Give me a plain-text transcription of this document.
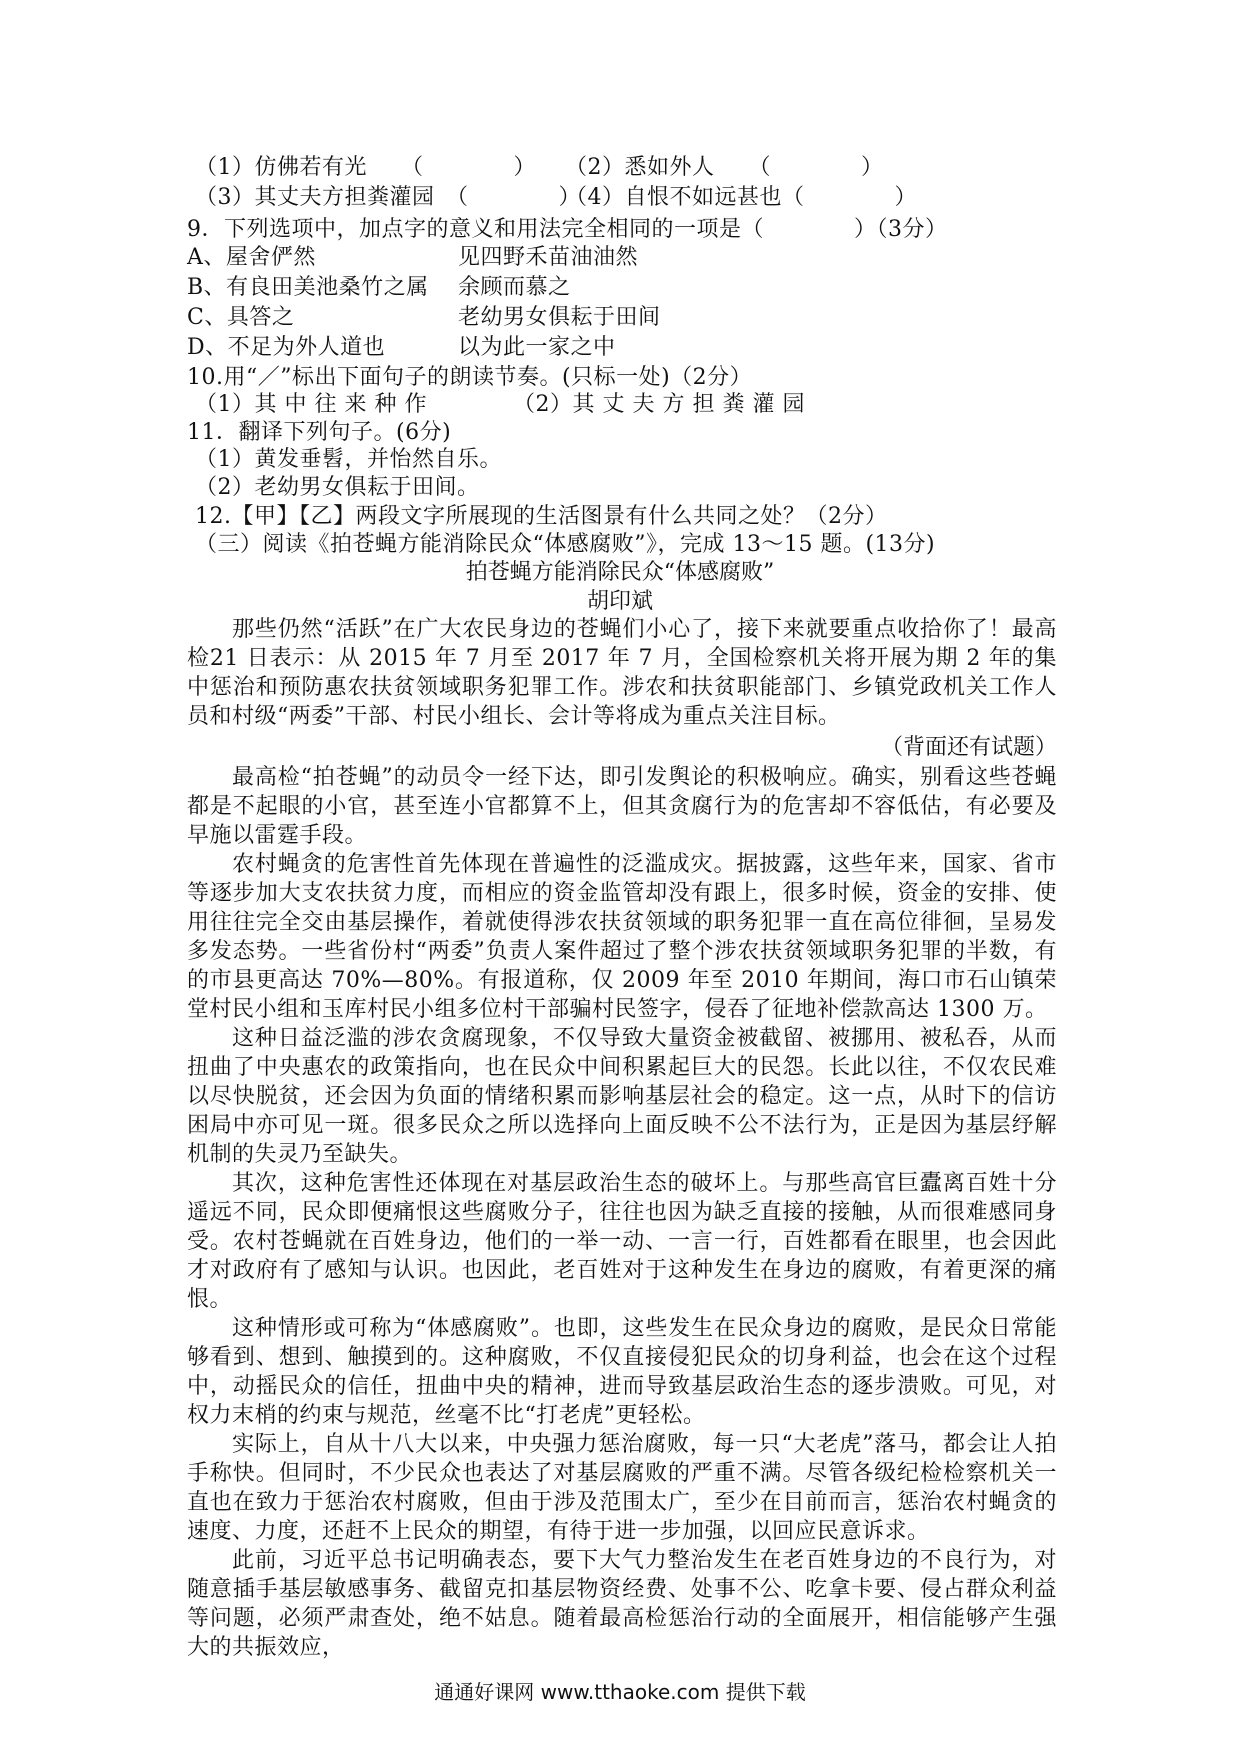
（1）仿佛若有光　　（　　　　） （2）悉如外人　　（　　　　）
（3）其丈夫方担粪灌园　（　　　　）
（4）自恨不如远甚也（　　　　）
9．下列选项中，加点字的意义和用法完全相同的一项是（　　　　）（3分）
A、屋舍俨然	见四野禾苗油油然
B、有良田美池桑竹之属 余顾而慕之
C、具答之	老幼男女俱耘于田间
D、不足为外人道也	以为此一家之中
10.用“／”标出下面句子的朗读节奏。(只标一处)（2分）
（1）其 中 往 来 种 作	（2）其 丈 夫 方 担 粪 灌 园
11．翻译下列句子。(6分)
（1）黄发垂髫，并怡然自乐。
（2）老幼男女俱耘于田间。
12.【甲】【乙】两段文字所展现的生活图景有什么共同之处？（2分）
（三）阅读《拍苍蝇方能消除民众“体感腐败”》，完成 13～15 题。(13分)
拍苍蝇方能消除民众“体感腐败”
胡印斌
那些仍然“活跃”在广大农民身边的苍蝇们小心了，接下来就要重点收拾你了！最高检21 日表示：从 2015 年 7 月至 2017 年 7 月，全国检察机关将开展为期 2 年的集中惩治和预防惠农扶贫领域职务犯罪工作。涉农和扶贫职能部门、乡镇党政机关工作人员和村级“两委”干部、村民小组长、会计等将成为重点关注目标。
（背面还有试题）
最高检“拍苍蝇”的动员令一经下达，即引发舆论的积极响应。确实，别看这些苍蝇都是不起眼的小官，甚至连小官都算不上，但其贪腐行为的危害却不容低估，有必要及早施以雷霆手段。
农村蝇贪的危害性首先体现在普遍性的泛滥成灾。据披露，这些年来，国家、省市等逐步加大支农扶贫力度，而相应的资金监管却没有跟上，很多时候，资金的安排、使用往往完全交由基层操作，着就使得涉农扶贫领域的职务犯罪一直在高位徘徊，呈易发多发态势。一些省份村“两委”负责人案件超过了整个涉农扶贫领域职务犯罪的半数，有的市县更高达 70%—80%。有报道称，仅 2009 年至 2010 年期间，海口市石山镇荣堂村民小组和玉库村民小组多位村干部骗村民签字，侵吞了征地补偿款高达 1300 万。
这种日益泛滥的涉农贪腐现象，不仅导致大量资金被截留、被挪用、被私吞，从而扭曲了中央惠农的政策指向，也在民众中间积累起巨大的民怨。长此以往，不仅农民难以尽快脱贫，还会因为负面的情绪积累而影响基层社会的稳定。这一点，从时下的信访困局中亦可见一斑。很多民众之所以选择向上面反映不公不法行为，正是因为基层纾解机制的失灵乃至缺失。
其次，这种危害性还体现在对基层政治生态的破坏上。与那些高官巨蠹离百姓十分遥远不同，民众即便痛恨这些腐败分子，往往也因为缺乏直接的接触，从而很难感同身受。农村苍蝇就在百姓身边，他们的一举一动、一言一行，百姓都看在眼里，也会因此才对政府有了感知与认识。也因此，老百姓对于这种发生在身边的腐败，有着更深的痛恨。
这种情形或可称为“体感腐败”。也即，这些发生在民众身边的腐败，是民众日常能够看到、想到、触摸到的。这种腐败，不仅直接侵犯民众的切身利益，也会在这个过程中，动摇民众的信任，扭曲中央的精神，进而导致基层政治生态的逐步溃败。可见，对权力末梢的约束与规范，丝毫不比“打老虎”更轻松。
实际上，自从十八大以来，中央强力惩治腐败，每一只“大老虎”落马，都会让人拍手称快。但同时，不少民众也表达了对基层腐败的严重不满。尽管各级纪检检察机关一直也在致力于惩治农村腐败，但由于涉及范围太广，至少在目前而言，惩治农村蝇贪的速度、力度，还赶不上民众的期望，有待于进一步加强，以回应民意诉求。
通通好课网 www.tthaoke.com 提供下载
此前，习近平总书记明确表态，要下大气力整治发生在老百姓身边的不良行为，对随意插手基层敏感事务、截留克扣基层物资经费、处事不公、吃拿卡要、侵占群众利益等问题，必须严肃查处，绝不姑息。随着最高检惩治行动的全面展开，相信能够产生强大的共振效应，
